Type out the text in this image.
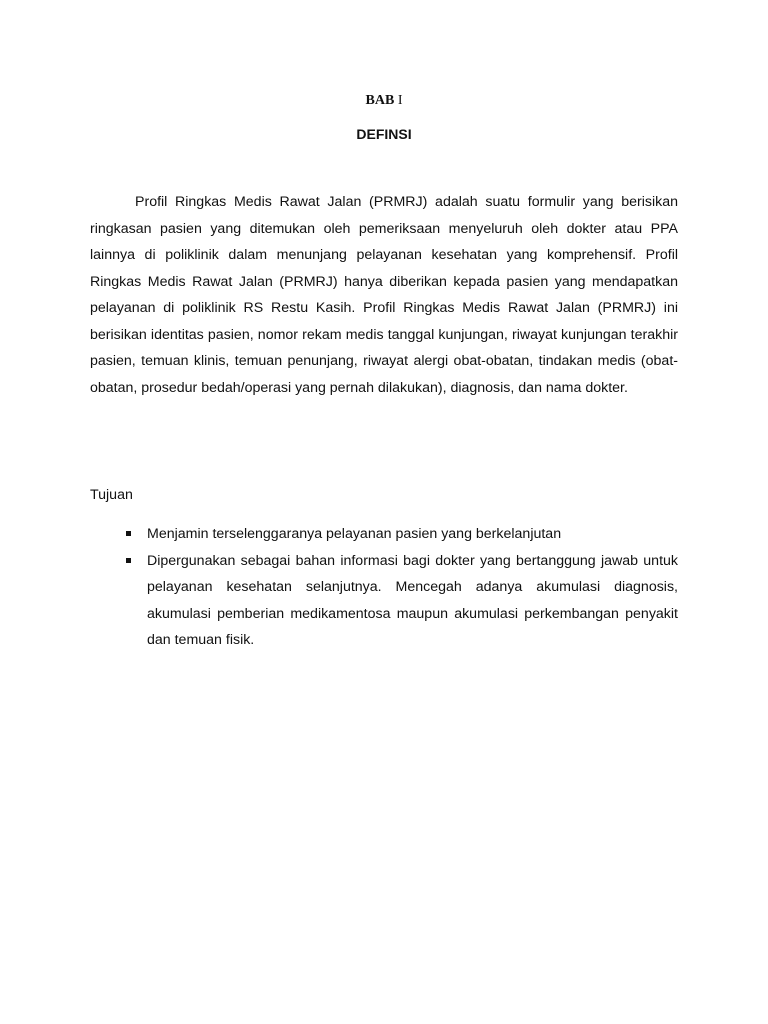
BAB I
DEFINSI

Profil Ringkas Medis Rawat Jalan (PRMRJ) adalah suatu formulir yang berisikan ringkasan pasien yang ditemukan oleh pemeriksaan menyeluruh oleh dokter atau PPA lainnya di poliklinik dalam menunjang pelayanan kesehatan yang komprehensif. Profil Ringkas Medis Rawat Jalan (PRMRJ) hanya diberikan kepada pasien yang mendapatkan pelayanan di poliklinik RS Restu Kasih. Profil Ringkas Medis Rawat Jalan (PRMRJ) ini berisikan identitas pasien, nomor rekam medis tanggal kunjungan, riwayat kunjungan terakhir pasien, temuan klinis, temuan penunjang, riwayat alergi obat-obatan, tindakan medis (obat-obatan, prosedur bedah/operasi yang pernah dilakukan), diagnosis, dan nama dokter.

Tujuan

Menjamin terselenggaranya pelayanan pasien yang berkelanjutan
Dipergunakan sebagai bahan informasi bagi dokter yang bertanggung jawab untuk pelayanan kesehatan selanjutnya. Mencegah adanya akumulasi diagnosis, akumulasi pemberian medikamentosa maupun akumulasi perkembangan penyakit dan temuan fisik.
